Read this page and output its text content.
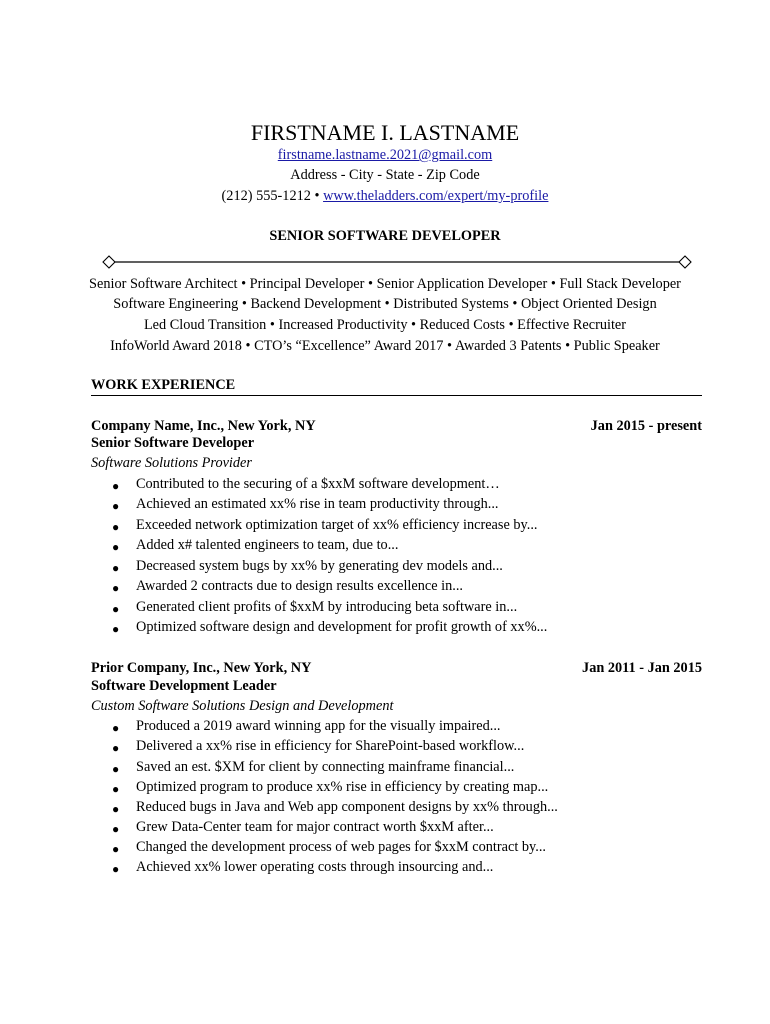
FIRSTNAME I. LASTNAME
firstname.lastname.2021@gmail.com
Address - City - State - Zip Code
(212) 555-1212 • www.theladders.com/expert/my-profile
SENIOR SOFTWARE DEVELOPER
Senior Software Architect • Principal Developer • Senior Application Developer • Full Stack Developer
Software Engineering • Backend Development • Distributed Systems • Object Oriented Design
Led Cloud Transition • Increased Productivity • Reduced Costs • Effective Recruiter
InfoWorld Award 2018 • CTO’s “Excellence” Award 2017 • Awarded 3 Patents • Public Speaker
WORK EXPERIENCE
Company Name, Inc., New York, NY	Jan 2015 - present
Senior Software Developer
Software Solutions Provider
● Contributed to the securing of a $xxM software development…
● Achieved an estimated xx% rise in team productivity through...
● Exceeded network optimization target of xx% efficiency increase by...
● Added x# talented engineers to team, due to...
● Decreased system bugs by xx% by generating dev models and...
● Awarded 2 contracts due to design results excellence in...
● Generated client profits of $xxM by introducing beta software in...
● Optimized software design and development for profit growth of xx%...
Prior Company, Inc., New York, NY	Jan 2011 - Jan 2015
Software Development Leader
Custom Software Solutions Design and Development
● Produced a 2019 award winning app for the visually impaired...
● Delivered a xx% rise in efficiency for SharePoint-based workflow...
● Saved an est. $XM for client by connecting mainframe financial...
● Optimized program to produce xx% rise in efficiency by creating map...
● Reduced bugs in Java and Web app component designs by xx% through...
● Grew Data-Center team for major contract worth $xxM after...
● Changed the development process of web pages for $xxM contract by...
● Achieved xx% lower operating costs through insourcing and...
